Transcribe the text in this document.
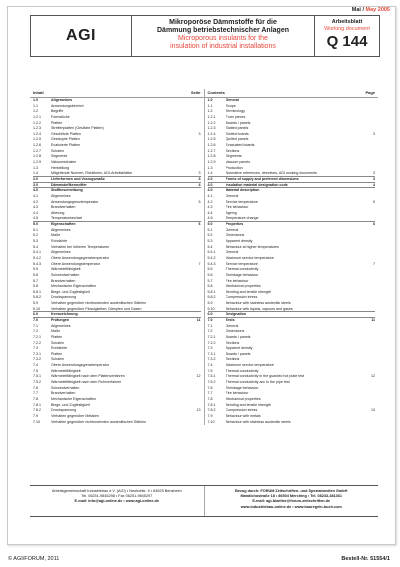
Mai / May 2005
AGI
Mikroporöse Dämmstoffe für die
Dämmung betriebstechnischer Anlagen
Microporous insulants for the
insulation of industrial installations
Arbeitsblatt
Working document
Q 144
Inhalt	Seite
1.0	Allgemeines
1.1	Anwendungsbereich
1.2	Begriffe
1.2.1	Formstücke
1.2.2	Platten
1.2.3	Streifenplatten (Geslitzte Platten)
1.2.4	Geschlitzte Platten	3
1.2.5	Gesteppte Platten
1.2.6	Evakuierte Platten
1.2.7	Schalen
1.2.8	Segmente
1.2.9	Vakuumschalen
1.3	Herstellung
1.4	Mitgeltende Normen, Richtlinien, AGI-Arbeitsblätter	3
2.0	Lieferformen und Vorzugsmaße	3
3.0	Dämmstoffkennziffer	4
4.0	Stoffbeschreibung
4.1	Allgemeines
4.2	Anwendungsgrenztemperatur	5
4.3	Brandverhalten
4.4	Alterung
4.5	Temperaturwechsel
5.0	Eigenschaften	6
5.1	Allgemeines
5.2	Maße
5.3	Rohdichte
5.4	Verhalten bei höheren Temperaturen
5.4.1	Allgemeines
5.4.2	Obere Anwendungsgrenztemperatur
5.4.3	Obere Anwendungstemperatur	7
5.5	Wärmeleitfähigkeit
5.6	Schwindverhalten
5.7	Brandverhalten
5.8	Mechanische Eigenschaften
5.8.1	Biege- und Zugfestigkeit
5.8.2	Druckspannung
5.9	Verhalten gegenüber nichtrostenden austenitischen Stählen
5.10	Verhalten gegenüber Flüssigkeiten, Dämpfen und Gasen
6.0	Kennzeichnung
7.0	Prüfungen	11
7.1	Allgemeines
7.2	Maße
7.2.1	Platten
7.2.2	Schalen
7.3	Rohdichte
7.3.1	Platten
7.3.2	Schalen
7.4	Obere Anwendungsgrenztemperatur
7.5	Wärmeleitfähigkeit
7.5.1	Wärmeleitfähigkeit nach dem Plattenverfahren	12
7.5.2	Wärmeleitfähigkeit nach dem Rohrverfahren
7.6	Schwindverhalten
7.7	Brandverhalten
7.8	Mechanische Eigenschaften
7.8.1	Biege- und Zugfestigkeit
7.8.2	Druckspannung	13
7.9	Verhalten gegenüber Metallen
7.10	Verhalten gegenüber nichtrostenden austenitischen Stählen
Contents	Page
1.0	General
1.1	Scope
1.2	Terminology
1.2.1	Form pieces
1.2.2	Boards / panels
1.2.3	Slatted panels
1.2.4	Slotted boards	3
1.2.5	Quilted panels
1.2.6	Evacuated boards
1.2.7	Sections
1.2.8	Segments
1.2.9	Vacuum panels
1.3	Production
1.4	Normative references, directives, AGI working documents	3
2.0	Forms of supply and preferred dimensions	3
3.0	Insulation material designation code	4
4.0	Material description
4.1	General
4.2	Service temperature	5
4.3	Fire behaviour
4.4	Ageing
4.5	Temperature change
5.0	Properties	6
5.1	General
5.2	Dimensions
5.3	Apparent density
5.4	Behaviour at higher temperatures
5.4.1	General
5.4.2	Maximum service temperature
5.4.3	Service temperature	7
5.5	Thermal conductivity
5.6	Shrinkage behaviour
5.7	Fire behaviour
5.8	Mechanical properties
5.8.1	Bending and tensile strength
5.8.2	Compression stress
5.9	Behaviour with stainless austenitic steels
5.10	Behaviour with liquids, vapours and gases
6.0	Designation
7.0	Tests	11
7.1	General
7.2	Dimensions
7.2.1	Boards / panels
7.2.2	Sections
7.3	Apparent density
7.3.1	Boards / panels
7.3.2	Sections
7.4	Maximum service temperature
7.5	Thermal conductivity
7.5.1	Thermal conductivity in the guarded hot plate test	12
7.5.2	Thermal conductivity acc to the pipe test
7.6	Shrinkage behaviour
7.7	Fire behaviour
7.8	Mechanical properties
7.8.1	Bending and tensile strength
7.8.2	Compression stress	13
7.9	Behaviour with metals
7.10	Behaviour with stainless austenitic steels
Arbeitsgemeinschaft Industriebau e.V. (AGI) • Neuhofstr. 9 • 64625 Bensheim
Tel. 06251-9845298 • Fax 06251-9845297
E-mail: info@agi-online.de • www.agi-online.de
Bezug durch: FORUM Zeitschriften- und Spezialmedien GmbH
Mandichostraße 18 • 86504 Merching • Tel. 08233-381361
E-mail: agi-blaetter@forum-zeitschriften.de
www.industriebau-online.de • www.bauregeln-buch.com
© AGI/FORUM, 2011	Bestell-Nr. 51554/1
